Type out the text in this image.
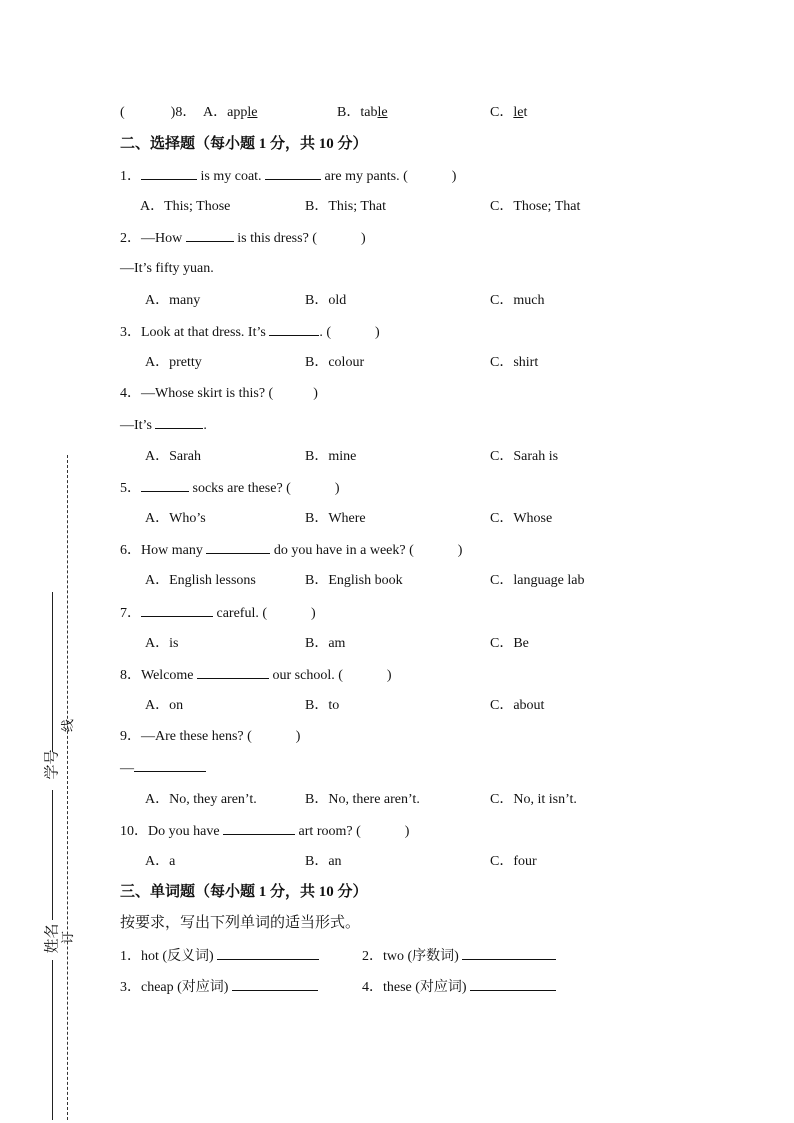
学号
线
姓名 订
(	)8． A．apple	B．table	C．let
二、选择题（每小题 1 分，共 10 分）
1．	is my coat.	are my pants. (	)
A．This; Those	B．This; That	C．Those; That
2．—How	is this dress? (	)
—It’s fifty yuan.
A．many	B．old	C．much
3．Look at that dress. It’s	. (	)
A．pretty	B．colour	C．shirt
4．—Whose skirt is this? (	)
—It’s	.
A．Sarah	B．mine	C．Sarah is
5．	socks are these? (	)
A．Who’s	B．Where	C．Whose
6．How many	do you have in a week? (	)
A．English lessons	B．English book	C．language lab
7．	careful. (	)
A．is	B．am	C．Be
8．Welcome	our school. (	)
A．on	B．to	C．about
9．—Are these hens? (	)
—
A．No, they aren’t.	B．No, there aren’t.	C．No, it isn’t.
10．Do you have	art room? (	)
A．a	B．an	C．four
三、单词题（每小题 1 分，共 10 分）
按要求，写出下列单词的适当形式。
1．hot (反义词)	2．two (序数词)
3．cheap (对应词)	4．these (对应词)
